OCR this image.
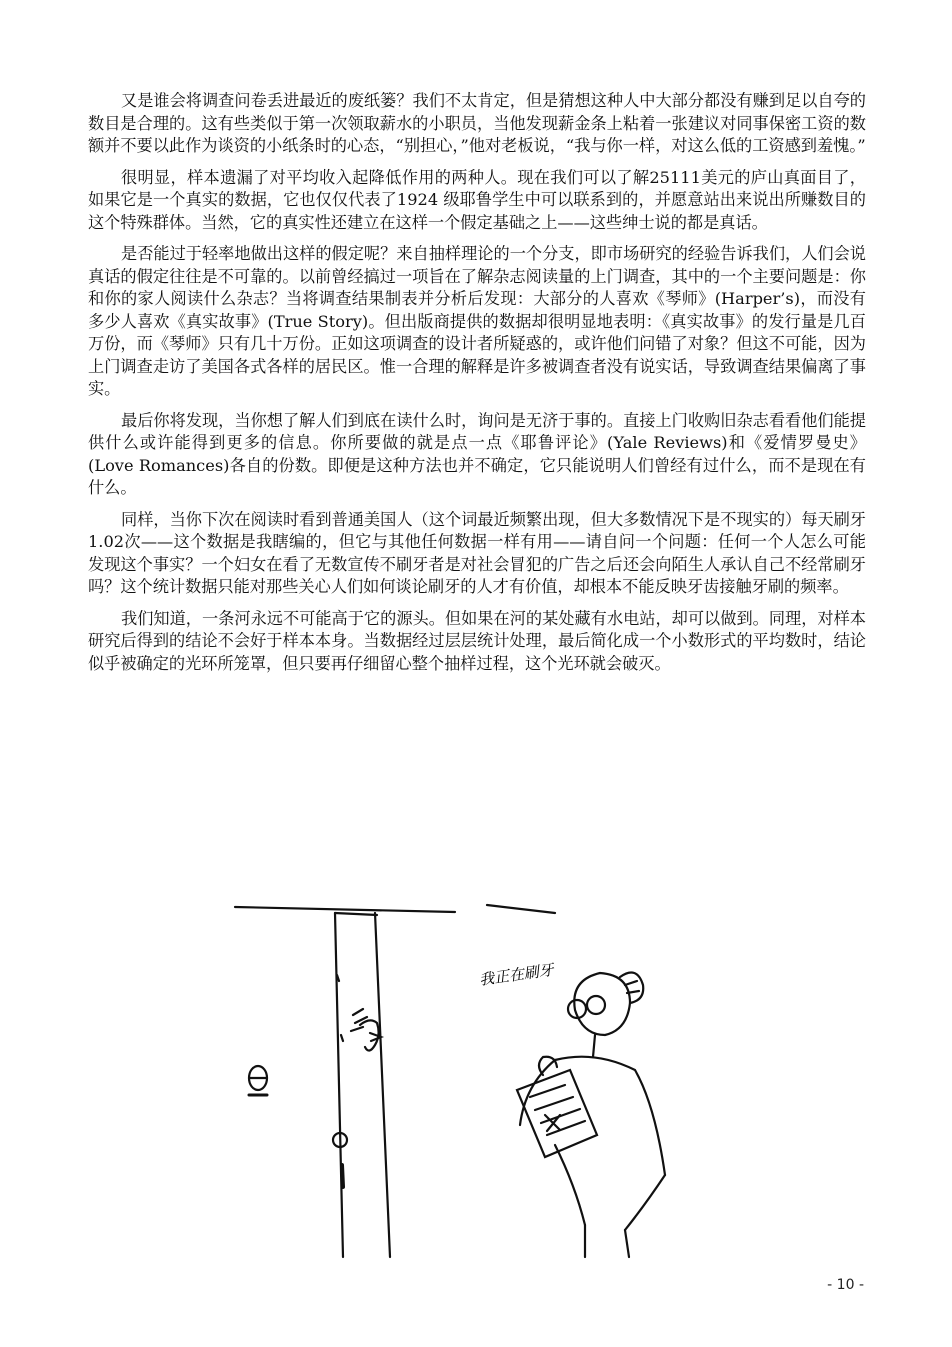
又是谁会将调查问卷丢进最近的废纸篓？我们不太肯定，但是猜想这种人中大部分都没有赚到足以自夸的数目是合理的。这有些类似于第一次领取薪水的小职员，当他发现薪金条上粘着一张建议对同事保密工资的数额并不要以此作为谈资的小纸条时的心态，“别担心，”他对老板说，“我与你一样，对这么低的工资感到羞愧。”

很明显，样本遗漏了对平均收入起降低作用的两种人。现在我们可以了解25111美元的庐山真面目了，如果它是一个真实的数据，它也仅仅代表了1924 级耶鲁学生中可以联系到的，并愿意站出来说出所赚数目的这个特殊群体。当然，它的真实性还建立在这样一个假定基础之上——这些绅士说的都是真话。

是否能过于轻率地做出这样的假定呢？来自抽样理论的一个分支，即市场研究的经验告诉我们，人们会说真话的假定往往是不可靠的。以前曾经搞过一项旨在了解杂志阅读量的上门调查，其中的一个主要问题是：你和你的家人阅读什么杂志？当将调查结果制表并分析后发现：大部分的人喜欢《琴师》(Harper’s)，而没有多少人喜欢《真实故事》(True Story)。但出版商提供的数据却很明显地表明：《真实故事》的发行量是几百万份，而《琴师》只有几十万份。正如这项调查的设计者所疑惑的，或许他们问错了对象？但这不可能，因为上门调查走访了美国各式各样的居民区。惟一合理的解释是许多被调查者没有说实话，导致调查结果偏离了事实。

最后你将发现，当你想了解人们到底在读什么时，询问是无济于事的。直接上门收购旧杂志看看他们能提供什么或许能得到更多的信息。你所要做的就是点一点《耶鲁评论》(Yale Reviews)和《爱情罗曼史》(Love Romances)各自的份数。即便是这种方法也并不确定，它只能说明人们曾经有过什么，而不是现在有什么。

同样，当你下次在阅读时看到普通美国人（这个词最近频繁出现，但大多数情况下是不现实的）每天刷牙1.02次——这个数据是我瞎编的，但它与其他任何数据一样有用——请自问一个问题：任何一个人怎么可能发现这个事实？一个妇女在看了无数宣传不刷牙者是对社会冒犯的广告之后还会向陌生人承认自己不经常刷牙吗？这个统计数据只能对那些关心人们如何谈论刷牙的人才有价值，却根本不能反映牙齿接触牙刷的频率。

我们知道，一条河永远不可能高于它的源头。但如果在河的某处藏有水电站，却可以做到。同理，对样本研究后得到的结论不会好于样本本身。当数据经过层层统计处理，最后简化成一个小数形式的平均数时，结论似乎被确定的光环所笼罩，但只要再仔细留心整个抽样过程，这个光环就会破灭。

我正在刷牙
- 10 -
